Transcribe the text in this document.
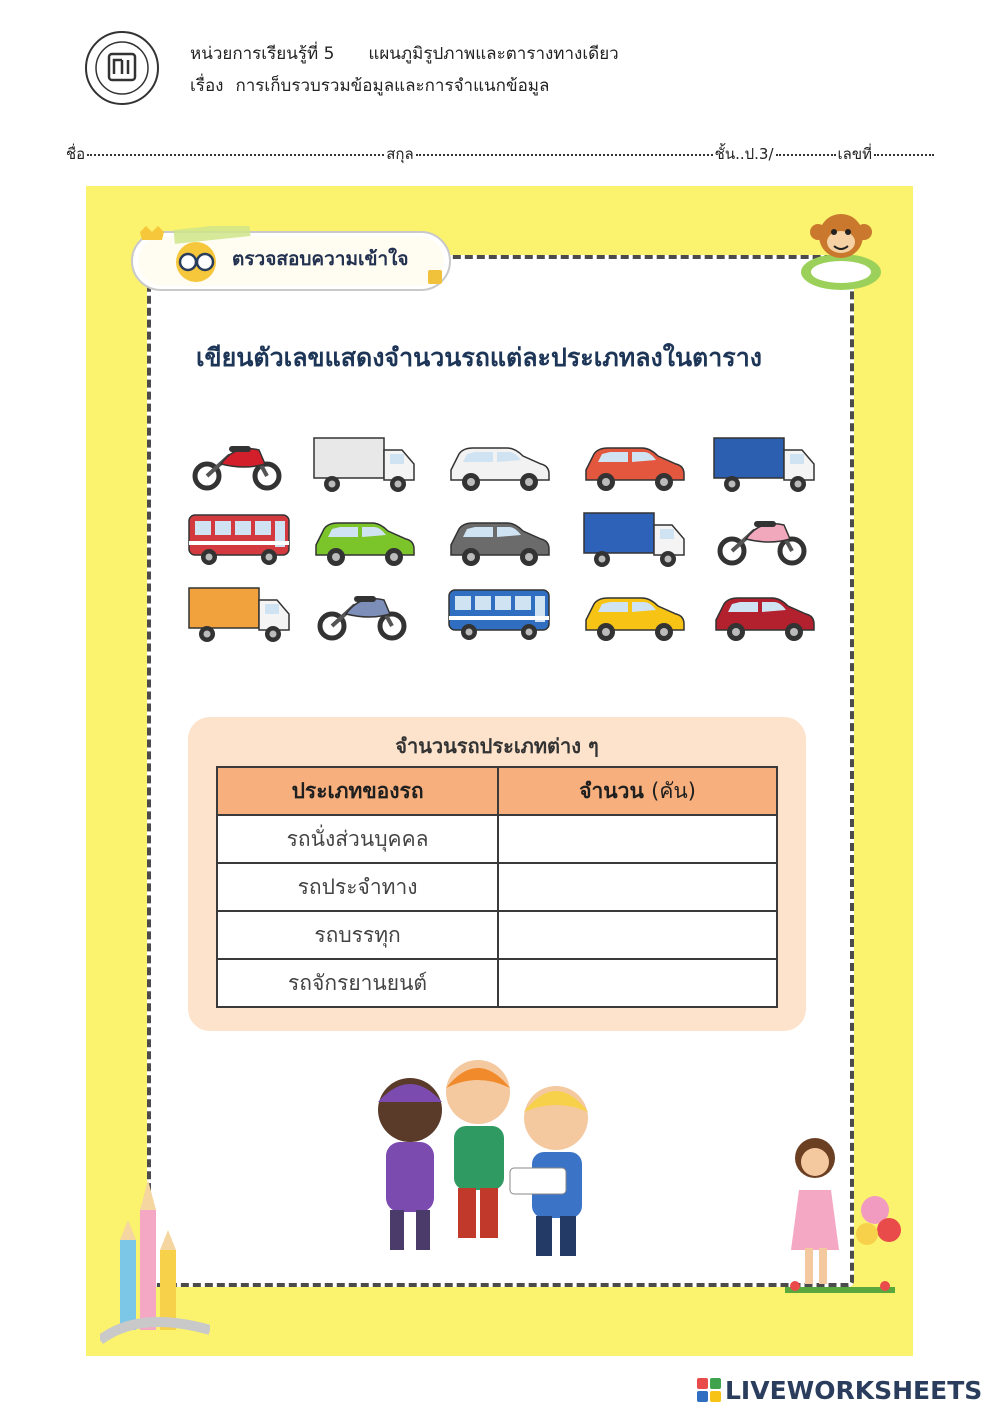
หน่วยการเรียนรู้ที่ 5 แผนภูมิรูปภาพและตารางทางเดียว
เรื่อง การเก็บรวบรวมข้อมูลและการจำแนกข้อมูล
ชื่อ	สกุล	ชั้น..ป.3/	เลขที่
ตรวจสอบความเข้าใจ
เขียนตัวเลขแสดงจำนวนรถแต่ละประเภทลงในตาราง
จำนวนรถประเภทต่าง ๆ
ประเภทของรถ	จำนวน (คัน)
รถนั่งส่วนบุคคล	
รถประจำทาง	
รถบรรทุก	
รถจักรยานยนต์	
LIVEWORKSHEETS
